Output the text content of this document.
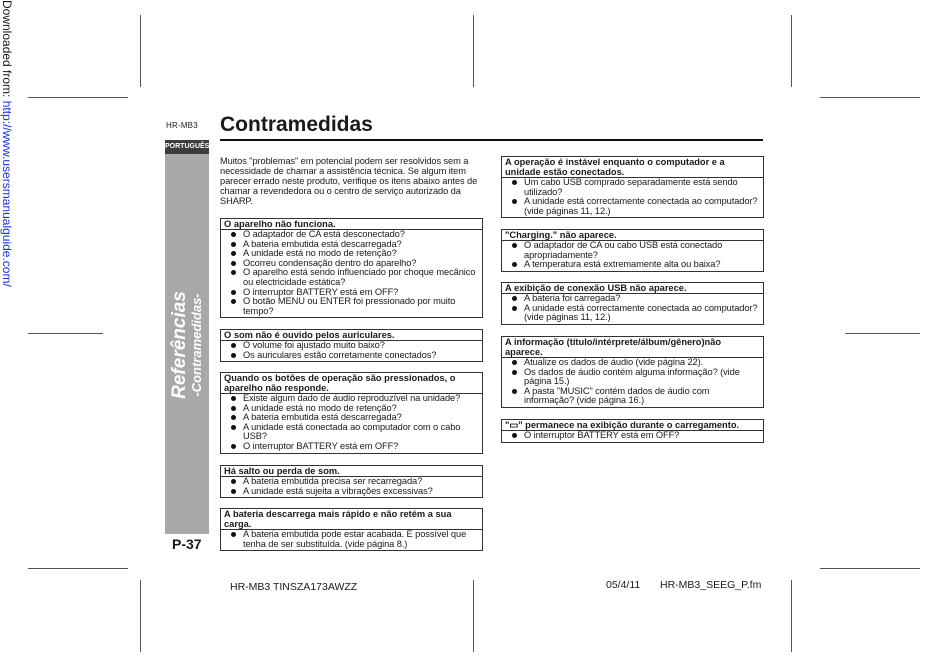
Downloaded from: http://www.usersmanualguide.com/	HR-MB3
PORTUGUÊS
Referências -Contramedidas-
P-37
Contramedidas
Muitos "problemas" em potencial podem ser resolvidos sem a necessidade de chamar a assistência técnica. Se algum item parecer errado neste produto, verifique os itens abaixo antes de chamar a revendedora ou o centro de serviço autorizado da SHARP.
O aparelho não funciona.
O adaptador de CA está desconectado?
A bateria embutida está descarregada?
A unidade está no modo de retenção?
Ocorreu condensação dentro do aparelho?
O aparelho está sendo influenciado por choque mecânico ou electricidade estática?
O interruptor BATTERY está em OFF?
O botão MENU ou ENTER foi pressionado por muito tempo?
O som não é ouvido pelos auriculares.
O volume foi ajustado muito baixo?
Os auriculares estão corretamente conectados?
Quando os botões de operação são pressionados, o aparelho não responde.
Existe algum dado de áudio reproduzível na unidade?
A unidade está no modo de retenção?
A bateria embutida está descarregada?
A unidade está conectada ao computador com o cabo USB?
O interruptor BATTERY está em OFF?
Há salto ou perda de som.
A bateria embutida precisa ser recarregada?
A unidade está sujeita a vibrações excessivas?
A bateria descarrega mais rápido e não retém a sua carga.
A bateria embutida pode estar acabada. É possível que tenha de ser substituída. (vide página 8.)
A operação é instável enquanto o computador e a unidade estão conectados.
Um cabo USB comprado separadamente está sendo utilizado?
A unidade está correctamente conectada ao computador? (vide páginas 11, 12.)
"Charging." não aparece.
O adaptador de CA ou cabo USB está conectado apropriadamente?
A temperatura está extremamente alta ou baixa?
A exibição de conexão USB não aparece.
A bateria foi carregada?
A unidade está correctamente conectada ao computador? (vide páginas 11, 12.)
A informação (título/intérprete/álbum/gênero)não aparece.
Atualize os dados de áudio (vide página 22).
Os dados de áudio contém alguma informação? (vide página 15.)
A pasta "MUSIC" contém dados de áudio com informação? (vide página 16.)
"▭" permanece na exibição durante o carregamento.
O interruptor BATTERY está em OFF?
HR-MB3 TINSZA173AWZZ	05/4/11 HR-MB3_SEEG_P.fm
